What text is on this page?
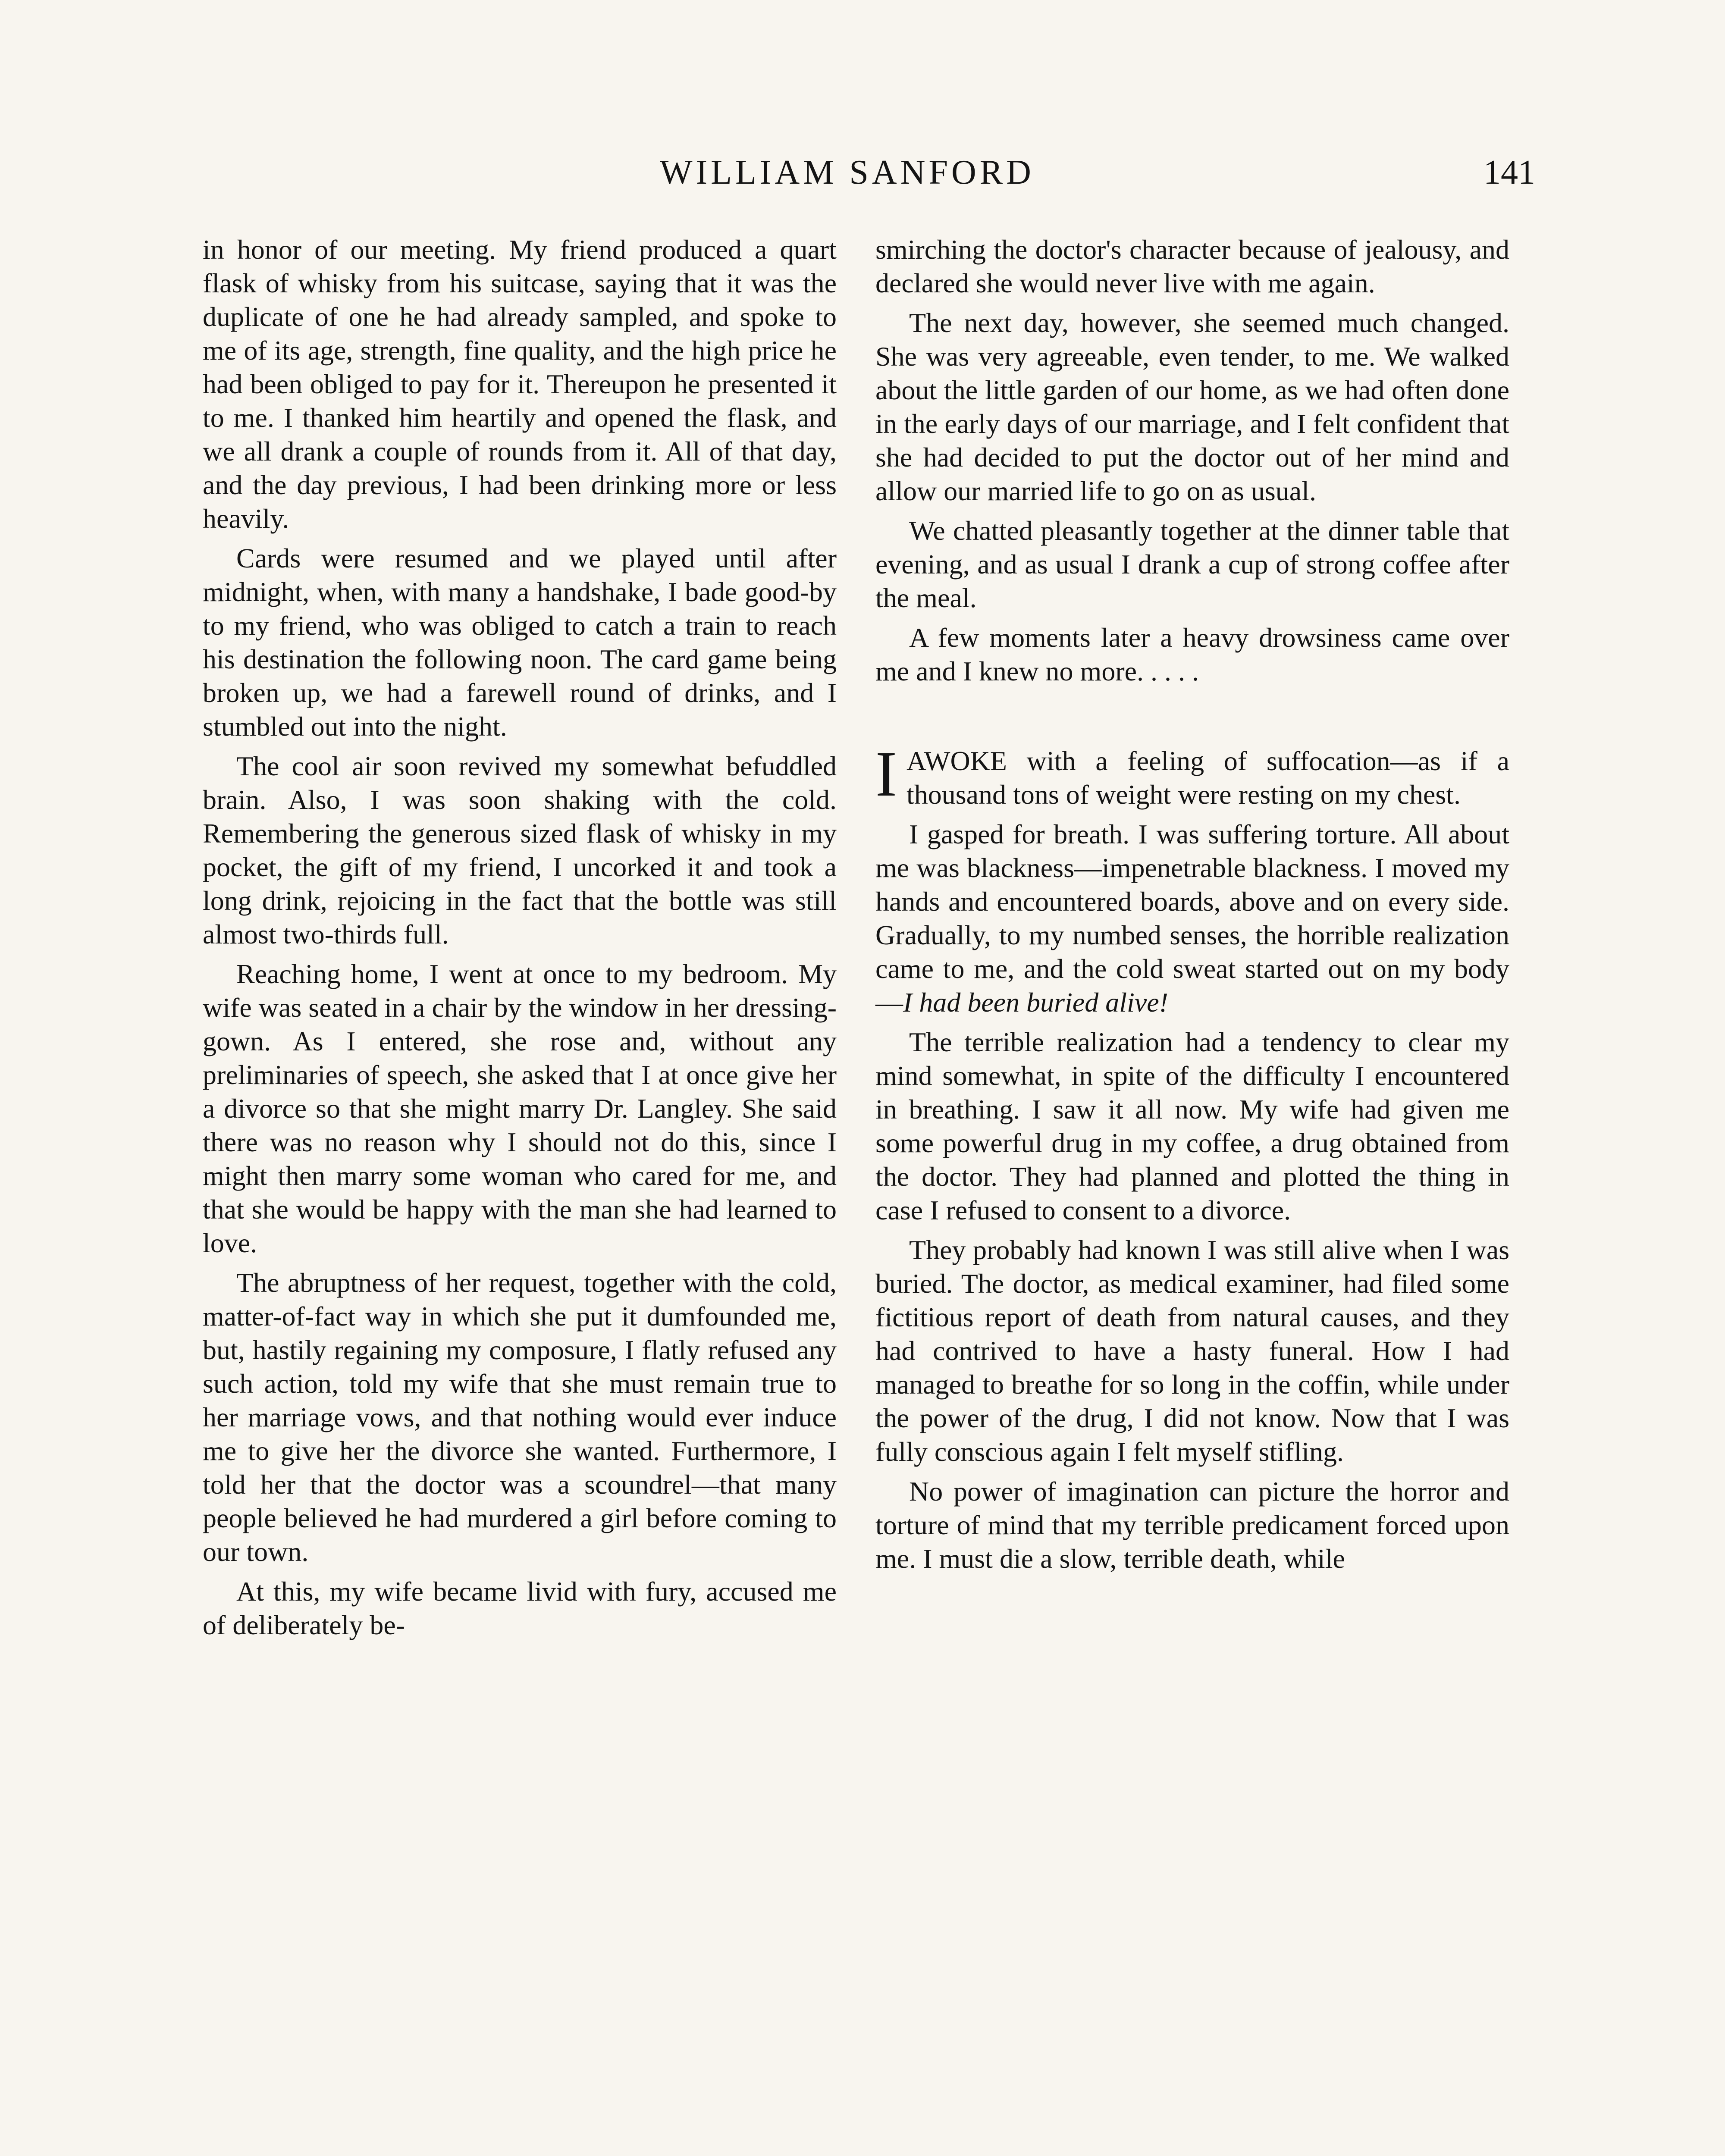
WILLIAM SANFORD	141

in honor of our meeting. My friend produced a quart flask of whisky from his suitcase, saying that it was the duplicate of one he had already sampled, and spoke to me of its age, strength, fine quality, and the high price he had been obliged to pay for it. Thereupon he presented it to me. I thanked him heartily and opened the flask, and we all drank a couple of rounds from it. All of that day, and the day previous, I had been drinking more or less heavily.

Cards were resumed and we played until after midnight, when, with many a handshake, I bade good-by to my friend, who was obliged to catch a train to reach his destination the following noon. The card game being broken up, we had a farewell round of drinks, and I stumbled out into the night.

The cool air soon revived my somewhat befuddled brain. Also, I was soon shaking with the cold. Remembering the generous sized flask of whisky in my pocket, the gift of my friend, I uncorked it and took a long drink, rejoicing in the fact that the bottle was still almost two-thirds full.

Reaching home, I went at once to my bedroom. My wife was seated in a chair by the window in her dressing-gown. As I entered, she rose and, without any preliminaries of speech, she asked that I at once give her a divorce so that she might marry Dr. Langley. She said there was no reason why I should not do this, since I might then marry some woman who cared for me, and that she would be happy with the man she had learned to love.

The abruptness of her request, together with the cold, matter-of-fact way in which she put it dumfounded me, but, hastily regaining my composure, I flatly refused any such action, told my wife that she must remain true to her marriage vows, and that nothing would ever induce me to give her the divorce she wanted. Furthermore, I told her that the doctor was a scoundrel—that many people believed he had murdered a girl before coming to our town.

At this, my wife became livid with fury, accused me of deliberately be-

smirching the doctor's character because of jealousy, and declared she would never live with me again.

The next day, however, she seemed much changed. She was very agreeable, even tender, to me. We walked about the little garden of our home, as we had often done in the early days of our marriage, and I felt confident that she had decided to put the doctor out of her mind and allow our married life to go on as usual.

We chatted pleasantly together at the dinner table that evening, and as usual I drank a cup of strong coffee after the meal.

A few moments later a heavy drowsiness came over me and I knew no more. . . . .

IAWOKE with a feeling of suffocation—as if a thousand tons of weight were resting on my chest.

I gasped for breath. I was suffering torture. All about me was blackness—impenetrable blackness. I moved my hands and encountered boards, above and on every side. Gradually, to my numbed senses, the horrible realization came to me, and the cold sweat started out on my body—I had been buried alive!

The terrible realization had a tendency to clear my mind somewhat, in spite of the difficulty I encountered in breathing. I saw it all now. My wife had given me some powerful drug in my coffee, a drug obtained from the doctor. They had planned and plotted the thing in case I refused to consent to a divorce.

They probably had known I was still alive when I was buried. The doctor, as medical examiner, had filed some fictitious report of death from natural causes, and they had contrived to have a hasty funeral. How I had managed to breathe for so long in the coffin, while under the power of the drug, I did not know. Now that I was fully conscious again I felt myself stifling.

No power of imagination can picture the horror and torture of mind that my terrible predicament forced upon me. I must die a slow, terrible death, while
